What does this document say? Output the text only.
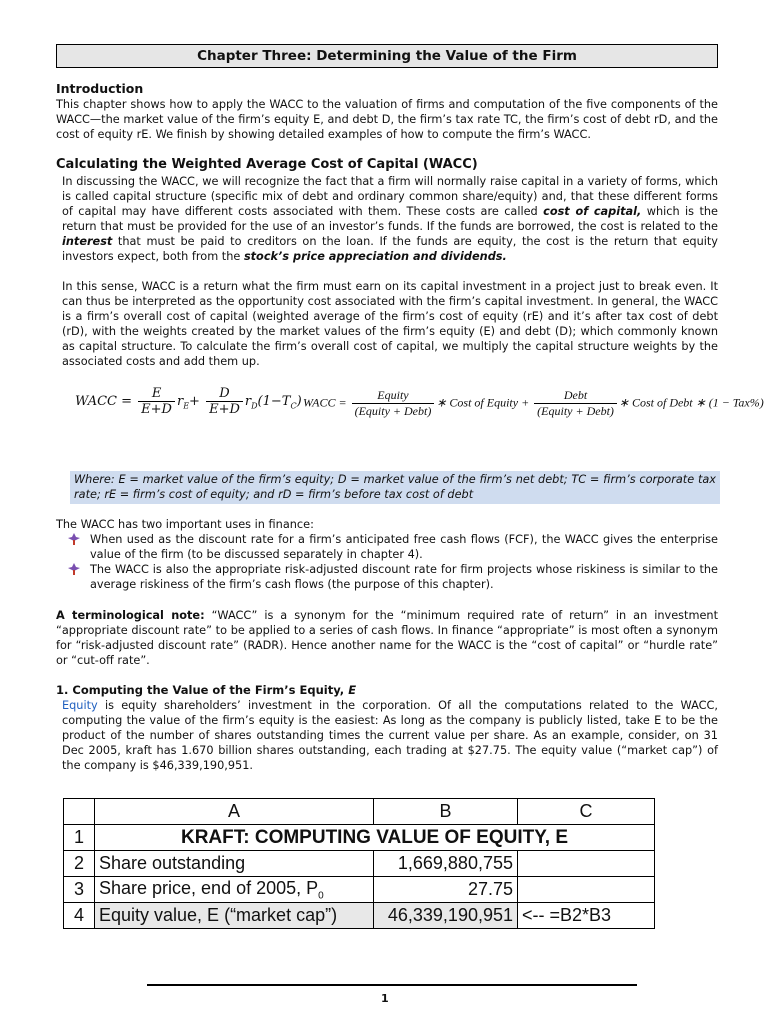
Chapter Three: Determining the Value of the Firm
Introduction
This chapter shows how to apply the WACC to the valuation of firms and computation of the five components of the WACC—the market value of the firm’s equity E, and debt D, the firm’s tax rate TC, the firm’s cost of debt rD, and the cost of equity rE. We finish by showing detailed examples of how to compute the firm’s WACC.
Calculating the Weighted Average Cost of Capital (WACC)
In discussing the WACC, we will recognize the fact that a firm will normally raise capital in a variety of forms, which is called capital structure (specific mix of debt and ordinary common share/equity) and, that these different forms of capital may have different costs associated with them. These costs are called cost of capital, which is the return that must be provided for the use of an investor’s funds. If the funds are borrowed, the cost is related to the interest that must be paid to creditors on the loan. If the funds are equity, the cost is the return that equity investors expect, both from the stock’s price appreciation and dividends.
In this sense, WACC is a return what the firm must earn on its capital investment in a project just to break even. It can thus be interpreted as the opportunity cost associated with the firm’s capital investment. In general, the WACC is a firm’s overall cost of capital (weighted average of the firm’s cost of equity (rE) and it’s after tax cost of debt (rD), with the weights created by the market values of the firm’s equity (E) and debt (D); which commonly known as capital structure. To calculate the firm’s overall cost of capital, we multiply the capital structure weights by the associated costs and add them up.
WACC = $\frac{E}{E+D} r_E+ \frac{D}{E+D} r_D(1-T_C)$ WACC = $\frac{\text{Equity}}{\text{(Equity + Debt)}}$ ∗ Cost of Equity + $\frac{\text{Debt}}{\text{(Equity + Debt)}}$ ∗ Cost of Debt ∗ (1 − Tax%)
Where: E = market value of the firm’s equity; D = market value of the firm’s net debt; TC = firm’s corporate tax rate; rE = firm’s cost of equity; and rD = firm’s before tax cost of debt
The WACC has two important uses in finance:
When used as the discount rate for a firm’s anticipated free cash flows (FCF), the WACC gives the enterprise value of the firm (to be discussed separately in chapter 4).
The WACC is also the appropriate risk-adjusted discount rate for firm projects whose riskiness is similar to the average riskiness of the firm’s cash flows (the purpose of this chapter).
A terminological note: “WACC” is a synonym for the “minimum required rate of return” in an investment “appropriate discount rate” to be applied to a series of cash flows. In finance “appropriate” is most often a synonym for “risk-adjusted discount rate” (RADR). Hence another name for the WACC is the “cost of capital” or “hurdle rate” or “cut-off rate”.
1. Computing the Value of the Firm’s Equity, E
Equity is equity shareholders’ investment in the corporation. Of all the computations related to the WACC, computing the value of the firm’s equity is the easiest: As long as the company is publicly listed, take E to be the product of the number of shares outstanding times the current value per share. As an example, consider, on 31 Dec 2005, kraft has 1.670 billion shares outstanding, each trading at $27.75. The equity value (“market cap”) of the company is $46,339,190,951.
	A	B	C
1	KRAFT: COMPUTING VALUE OF EQUITY, E		
2	Share outstanding	1,669,880,755	
3	Share price, end of 2005, $P_0$	27.75	
4	Equity value, E (“market cap”)	46,339,190,951	<-- =B2*B3
1
